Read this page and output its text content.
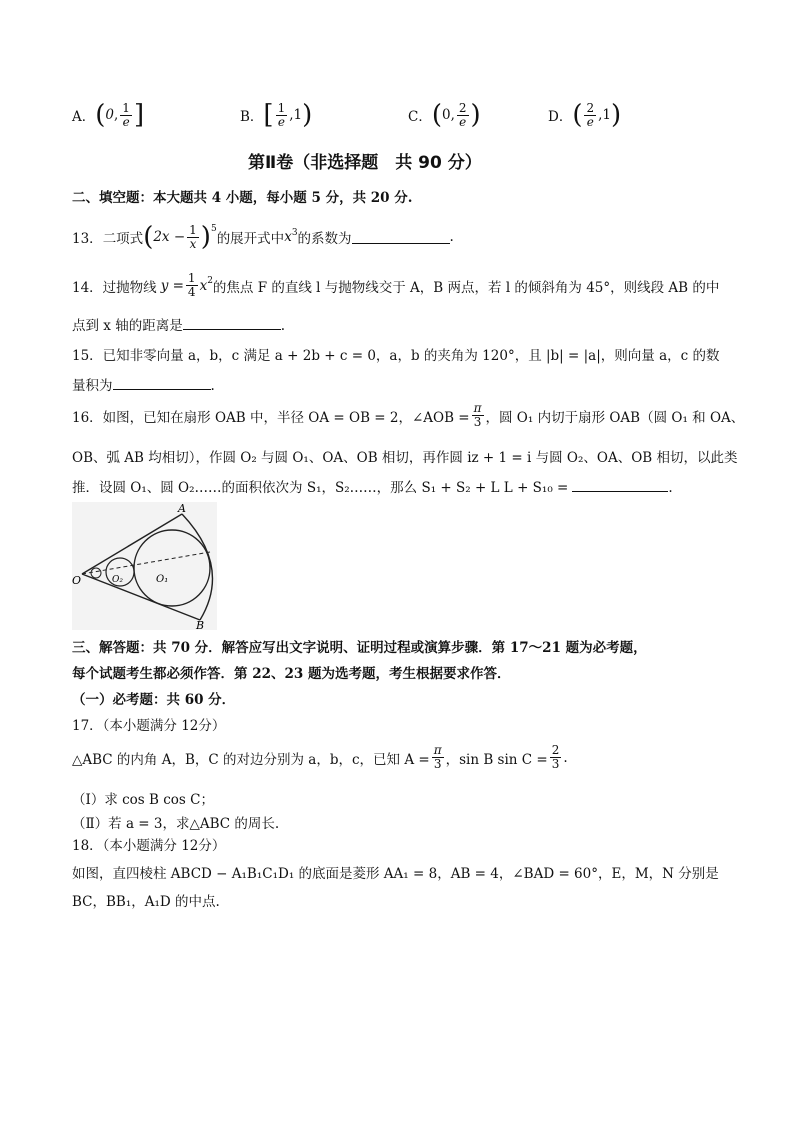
A． ( 0 , $\frac{1}{e}$ ]	B． [ $\frac{1}{e}$ , 1 )	C． ( 0 , $\frac{2}{e}$ )	D． ( $\frac{2}{e}$ , 1 )
第Ⅱ卷（非选择题　共 90 分）
二、填空题：本大题共 4 小题，每小题 5 分，共 20 分.
13． 二项式 ( $2x - \frac{1}{x} )^5$
的展开式中 $x^3$ 的系数为	.
14．过抛物线 $y = \frac{1}{4} x^2$ 的焦点 F 的直线 l 与抛物线交于 A，B 两点，若 l 的倾斜角为 45°，则线段 AB 的中
点到 x 轴的距离是	.
15．已知非零向量 a，b，c 满足 a + 2b + c = 0，a，b 的夹角为 120°，且 |b| = |a|，则向量 a，c 的数
量积为	.
16．如图，已知在扇形 OAB 中，半径 OA = OB = 2，∠AOB = $\frac{\pi}{3}$ ，圆 O₁ 内切于扇形 OAB（圆 O₁ 和 OA、
OB、弧 AB 均相切），作圆 O₂ 与圆 O₁、OA、OB 相切，再作圆 iz + 1 = i 与圆 O₂、OA、OB 相切，以此类
推．设圆 O₁、圆 O₂……的面积依次为 S₁，S₂……，那么 S₁ + S₂ + L L + S₁₀ =	.
A
B
O	O₁
O₂
三、解答题：共 70 分．解答应写出文字说明、证明过程或演算步骤．第 17～21 题为必考题，
每个试题考生都必须作答．第 22、23 题为选考题，考生根据要求作答．
（一）必考题：共 60 分．
17．（本小题满分 12分）
△ABC 的内角 A，B，C 的对边分别为 a，b，c，已知 $A = \frac{\pi}{3}$ ，sin B $\sin C = \frac{2}{3}$ .
（Ⅰ）求 cos B cos C；
（Ⅱ）若 a = 3，求△ABC 的周长.
18．（本小题满分 12分）
如图，直四棱柱 ABCD − A₁B₁C₁D₁ 的底面是菱形 AA₁ = 8，AB = 4，∠BAD = 60°，E，M，N 分别是
BC，BB₁，A₁D 的中点.
